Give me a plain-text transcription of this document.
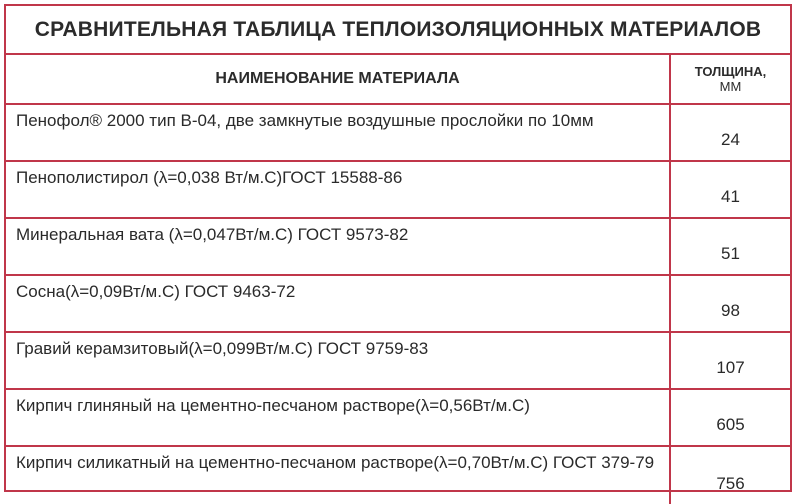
СРАВНИТЕЛЬНАЯ ТАБЛИЦА ТЕПЛОИЗОЛЯЦИОННЫХ МАТЕРИАЛОВ
НАИМЕНОВАНИЕ МАТЕРИАЛА	ТОЛЩИНА,
ММ

Пенофол® 2000 тип В-04, две замкнутые воздушные прослойки по 10мм	24
Пенополистирол (λ=0,038 Вт/м.С)ГОСТ 15588-86	41
Минеральная вата (λ=0,047Вт/м.С) ГОСТ 9573-82	51
Сосна(λ=0,09Вт/м.С) ГОСТ 9463-72	98
Гравий керамзитовый(λ=0,099Вт/м.С) ГОСТ 9759-83	107
Кирпич глиняный на цементно-песчаном растворе(λ=0,56Вт/м.С)	605
Кирпич силикатный на цементно-песчаном растворе(λ=0,70Вт/м.С) ГОСТ 379-79	756
